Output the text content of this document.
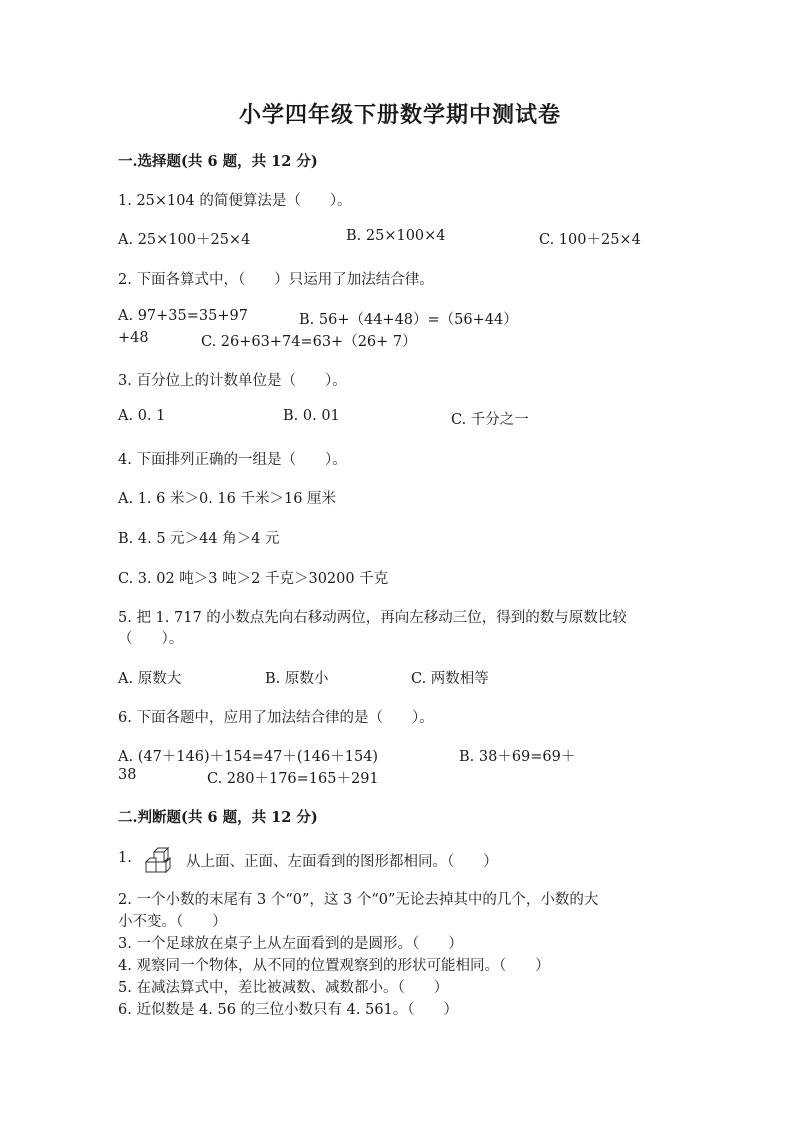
小学四年级下册数学期中测试卷
一.选择题(共 6 题，共 12 分)
1. 25×104 的简便算法是（　　）。
A. 25×100＋25×4	B. 25×100×4	C. 100＋25×4
2. 下面各算式中，（　　）只运用了加法结合律。
A. 97+35=35+97	B. 56+（44+48）=（56+44）
+48	C. 26+63+74=63+（26+ 7）
3. 百分位上的计数单位是（　　）。
A. 0. 1	B. 0. 01	C. 千分之一
4. 下面排列正确的一组是（　　）。
A. 1. 6 米＞0. 16 千米＞16 厘米
B. 4. 5 元＞44 角＞4 元
C. 3. 02 吨＞3 吨＞2 千克＞30200 千克
5. 把 1. 717 的小数点先向右移动两位，再向左移动三位，得到的数与原数比较
（　　）。
A. 原数大	B. 原数小	C. 两数相等
6. 下面各题中，应用了加法结合律的是（　　）。
A. (47＋146)＋154=47＋(146＋154)	B. 38＋69=69＋
38	C. 280＋176=165＋291
二.判断题(共 6 题，共 12 分)
1.	从上面、正面、左面看到的图形都相同。（　　）
2. 一个小数的末尾有 3 个“0”，这 3 个“0”无论去掉其中的几个，小数的大
小不变。（　　）
3. 一个足球放在桌子上从左面看到的是圆形。（　　）
4. 观察同一个物体，从不同的位置观察到的形状可能相同。（　　）
5. 在减法算式中，差比被减数、减数都小。（　　）
6. 近似数是 4. 56 的三位小数只有 4. 561。（　　）
